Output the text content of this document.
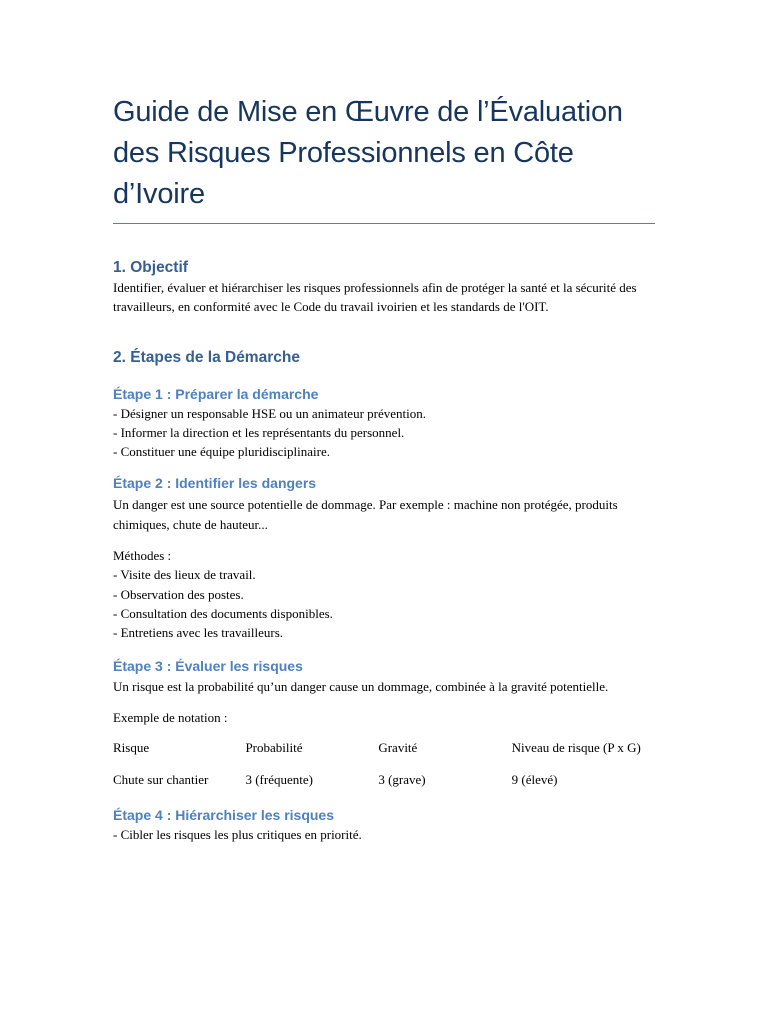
Guide de Mise en Œuvre de l’Évaluation des Risques Professionnels en Côte d’Ivoire
1. Objectif

Identifier, évaluer et hiérarchiser les risques professionnels afin de protéger la santé et la sécurité des travailleurs, en conformité avec le Code du travail ivoirien et les standards de l'OIT.

2. Étapes de la Démarche
Étape 1 : Préparer la démarche
- Désigner un responsable HSE ou un animateur prévention.
- Informer la direction et les représentants du personnel.
- Constituer une équipe pluridisciplinaire.
Étape 2 : Identifier les dangers

Un danger est une source potentielle de dommage. Par exemple : machine non protégée, produits chimiques, chute de hauteur...

Méthodes :
- Visite des lieux de travail.
- Observation des postes.
- Consultation des documents disponibles.
- Entretiens avec les travailleurs.
Étape 3 : Évaluer les risques

Un risque est la probabilité qu’un danger cause un dommage, combinée à la gravité potentielle.

Exemple de notation :

Risque	Probabilité	Gravité	Niveau de risque (P x G)
Chute sur chantier	3 (fréquente)	3 (grave)	9 (élevé)
Étape 4 : Hiérarchiser les risques
- Cibler les risques les plus critiques en priorité.
